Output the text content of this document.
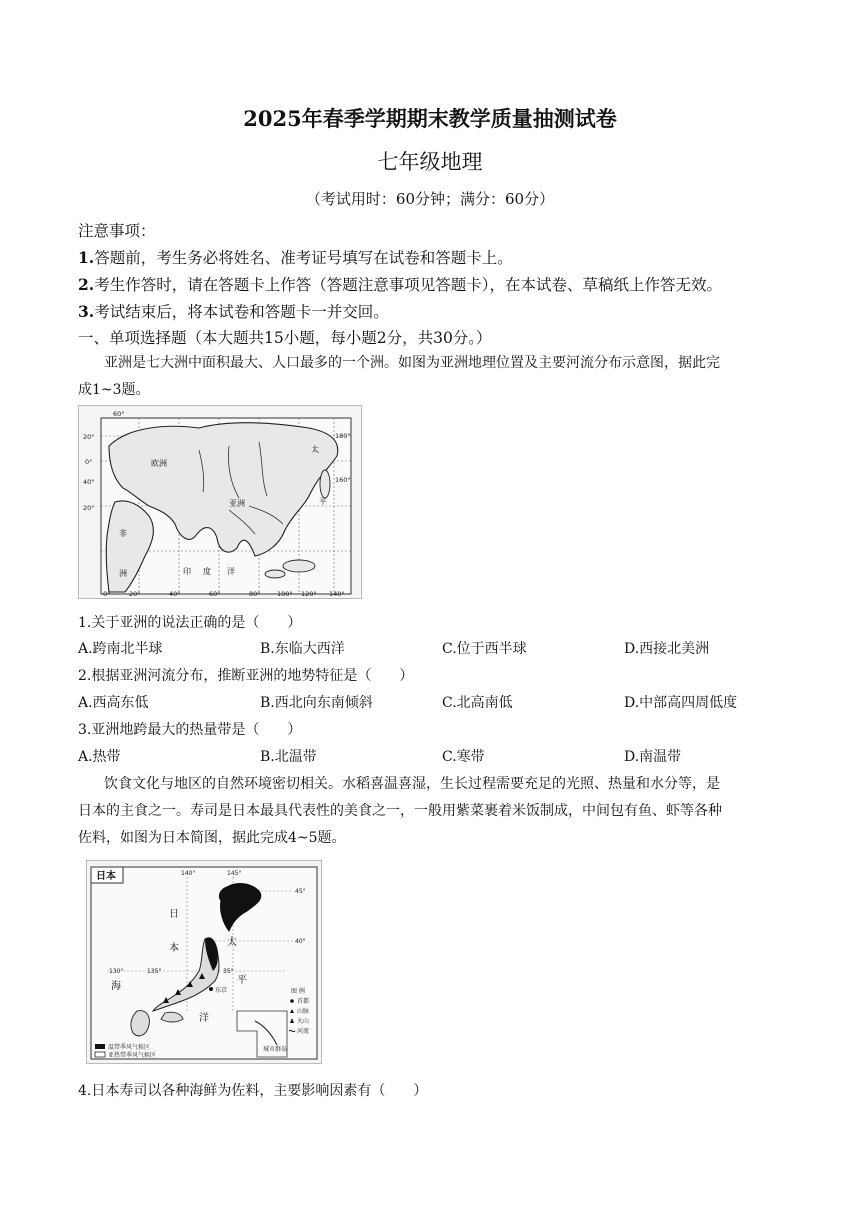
2025年春季学期期末教学质量抽测试卷
七年级地理
（考试用时：60分钟；满分：60分）
注意事项：
1.答题前，考生务必将姓名、准考证号填写在试卷和答题卡上。
2.考生作答时，请在答题卡上作答（答题注意事项见答题卡），在本试卷、草稿纸上作答无效。
3.考试结束后，将本试卷和答题卡一并交回。
一、单项选择题（本大题共15小题，每小题2分，共30分。）
亚洲是七大洲中面积最大、人口最多的一个洲。如图为亚洲地理位置及主要河流分布示意图，据此完
成1~3题。
欧洲
亚洲
非
洲
太
平
印 度 洋
60°
20°
0°
40°
20°
180°
160°
0°	20°	40°	60°	80°	100° 120° 140°
1.关于亚洲的说法正确的是（　　）
A.跨南北半球	B.东临大西洋	C.位于西半球	D.西接北美洲
2.根据亚洲河流分布，推断亚洲的地势特征是（　　）
A.西高东低	B.西北向东南倾斜	C.北高南低	D.中部高四周低度
3.亚洲地跨最大的热量带是（　　）
A.热带	B.北温带	C.寒带	D.南温带
饮食文化与地区的自然环境密切相关。水稻喜温喜湿，生长过程需要充足的光照、热量和水分等，是
日本的主食之一。寿司是日本最具代表性的美食之一，一般用紫菜裹着米饭制成，中间包有鱼、虾等各种
佐料，如图为日本简图，据此完成4~5题。
日本
日
本
海
太
平
洋
140°	145°
45°
40°
35°
130°	135°
东京
城市群岛
图 例
首都
山脉
火山
河流
温带季风气候区
亚热带季风气候区
4.日本寿司以各种海鲜为佐料，主要影响因素有（　　）
